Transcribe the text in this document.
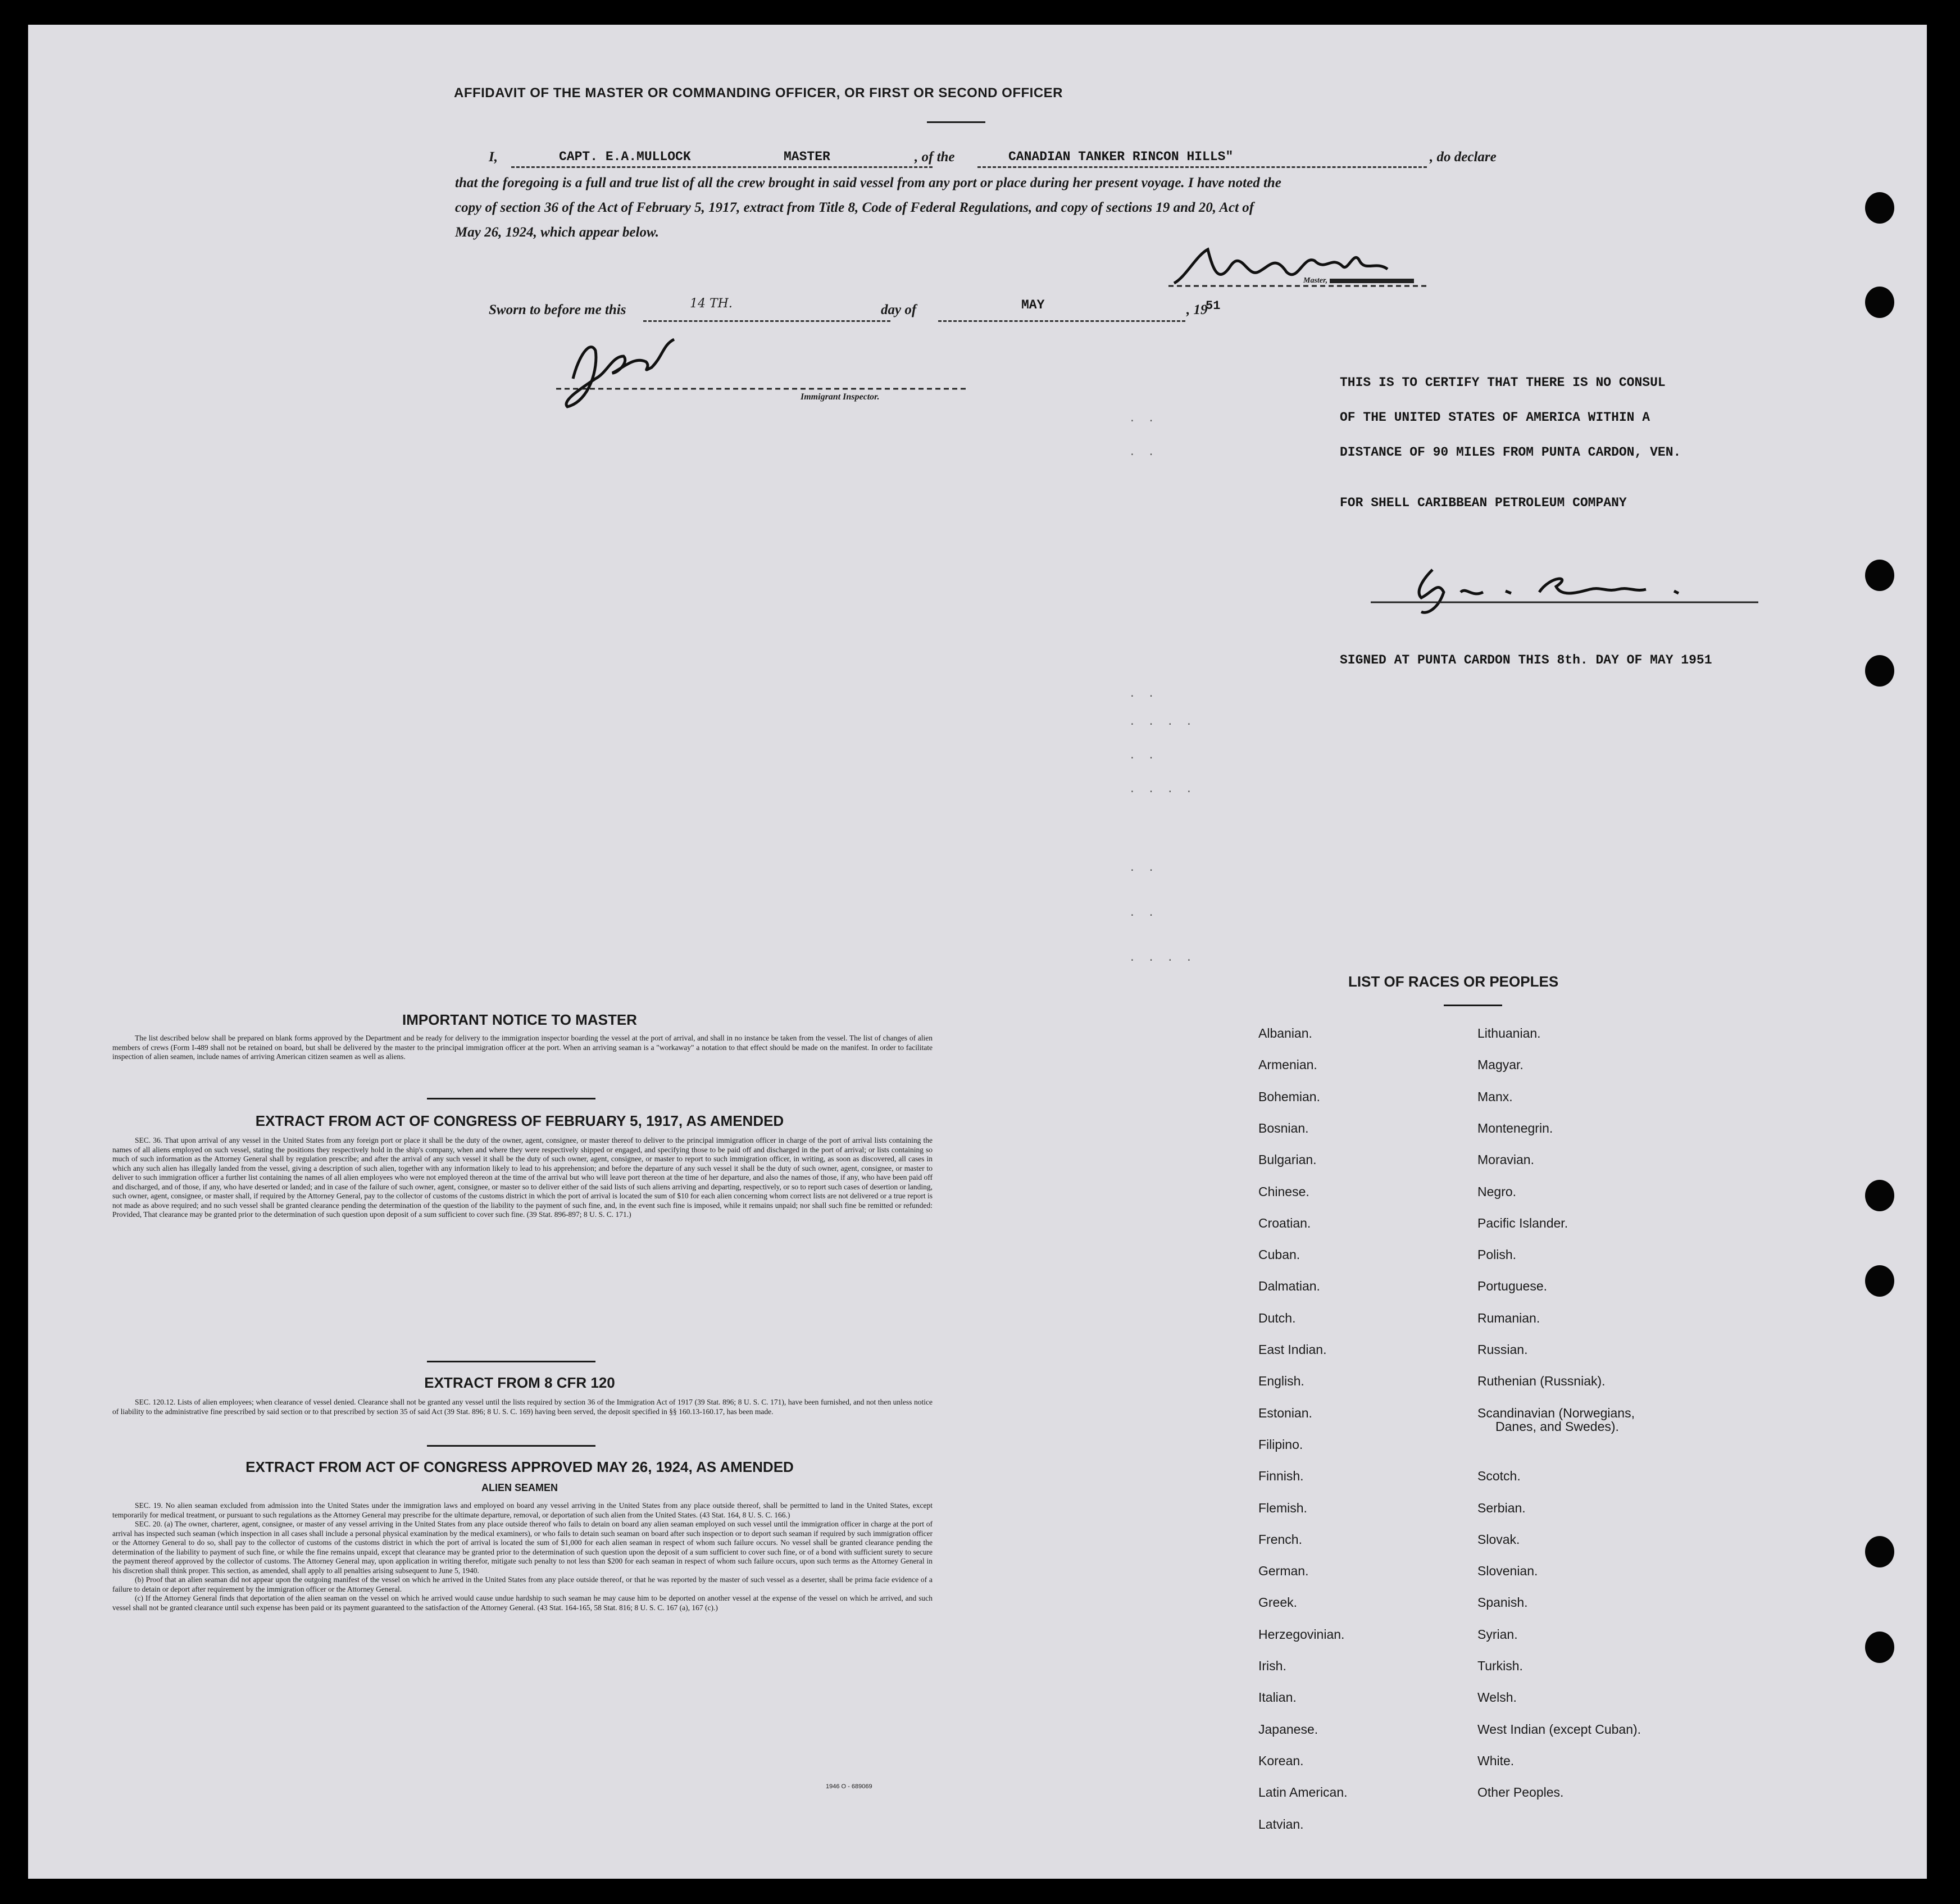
AFFIDAVIT OF THE MASTER OR COMMANDING OFFICER, OR FIRST OR SECOND OFFICER
I,	CAPT. E.A.MULLOCK	MASTER	, of the	CANADIAN TANKER RINCON HILLS"	, do declare
that the foregoing is a full and true list of all the crew brought in said vessel from any port or place during her present voyage. I have noted the
copy of section 36 of the Act of February 5, 1917, extract from Title 8, Code of Federal Regulations, and copy of sections 19 and 20, Act of
May 26, 1924, which appear below.
Master,
Sworn to before me this	14 TH.	day of	MAY	, 19
51
Immigrant Inspector.
THIS IS TO CERTIFY THAT THERE IS NO CONSUL
OF THE UNITED STATES OF AMERICA WITHIN A
DISTANCE OF 90 MILES FROM PUNTA CARDON, VEN.
FOR SHELL CARIBBEAN PETROLEUM COMPANY
SIGNED AT PUNTA CARDON THIS 8th. DAY OF MAY 1951
. .
. .
. .
. . . .
. .
. . . .
. .
. .
. . . .
IMPORTANT NOTICE TO MASTER

The list described below shall be prepared on blank forms approved by the Department and be ready for delivery to the immigration inspector boarding the vessel at the port of arrival, and shall in no instance be taken from the vessel. The list of changes of alien members of crews (Form I-489 shall not be retained on board, but shall be delivered by the master to the principal immigration officer at the port. When an arriving seaman is a "workaway" a notation to that effect should be made on the manifest. In order to facilitate inspection of alien seamen, include names of arriving American citizen seamen as well as aliens.

EXTRACT FROM ACT OF CONGRESS OF FEBRUARY 5, 1917, AS AMENDED

SEC. 36. That upon arrival of any vessel in the United States from any foreign port or place it shall be the duty of the owner, agent, consignee, or master thereof to deliver to the principal immigration officer in charge of the port of arrival lists containing the names of all aliens employed on such vessel, stating the positions they respectively hold in the ship's company, when and where they were respectively shipped or engaged, and specifying those to be paid off and discharged in the port of arrival; or lists containing so much of such information as the Attorney General shall by regulation prescribe; and after the arrival of any such vessel it shall be the duty of such owner, agent, consignee, or master to report to such immigration officer, in writing, as soon as discovered, all cases in which any such alien has illegally landed from the vessel, giving a description of such alien, together with any information likely to lead to his apprehension; and before the departure of any such vessel it shall be the duty of such owner, agent, consignee, or master to deliver to such immigration officer a further list containing the names of all alien employees who were not employed thereon at the time of the arrival but who will leave port thereon at the time of her departure, and also the names of those, if any, who have been paid off and discharged, and of those, if any, who have deserted or landed; and in case of the failure of such owner, agent, consignee, or master so to deliver either of the said lists of such aliens arriving and departing, respectively, or so to report such cases of desertion or landing, such owner, agent, consignee, or master shall, if required by the Attorney General, pay to the collector of customs of the customs district in which the port of arrival is located the sum of $10 for each alien concerning whom correct lists are not delivered or a true report is not made as above required; and no such vessel shall be granted clearance pending the determination of the question of the liability to the payment of such fine, and, in the event such fine is imposed, while it remains unpaid; nor shall such fine be remitted or refunded: Provided, That clearance may be granted prior to the determination of such question upon deposit of a sum sufficient to cover such fine. (39 Stat. 896-897; 8 U. S. C. 171.)

EXTRACT FROM 8 CFR 120

SEC. 120.12. Lists of alien employees; when clearance of vessel denied. Clearance shall not be granted any vessel until the lists required by section 36 of the Immigration Act of 1917 (39 Stat. 896; 8 U. S. C. 171), have been furnished, and not then unless notice of liability to the administrative fine prescribed by said section or to that prescribed by section 35 of said Act (39 Stat. 896; 8 U. S. C. 169) having been served, the deposit specified in §§ 160.13-160.17, has been made.

EXTRACT FROM ACT OF CONGRESS APPROVED MAY 26, 1924, AS AMENDED
ALIEN SEAMEN

SEC. 19. No alien seaman excluded from admission into the United States under the immigration laws and employed on board any vessel arriving in the United States from any place outside thereof, shall be permitted to land in the United States, except temporarily for medical treatment, or pursuant to such regulations as the Attorney General may prescribe for the ultimate departure, removal, or deportation of such alien from the United States. (43 Stat. 164, 8 U. S. C. 166.)

SEC. 20. (a) The owner, charterer, agent, consignee, or master of any vessel arriving in the United States from any place outside thereof who fails to detain on board any alien seaman employed on such vessel until the immigration officer in charge at the port of arrival has inspected such seaman (which inspection in all cases shall include a personal physical examination by the medical examiners), or who fails to detain such seaman on board after such inspection or to deport such seaman if required by such immigration officer or the Attorney General to do so, shall pay to the collector of customs of the customs district in which the port of arrival is located the sum of $1,000 for each alien seaman in respect of whom such failure occurs. No vessel shall be granted clearance pending the determination of the liability to payment of such fine, or while the fine remains unpaid, except that clearance may be granted prior to the determination of such question upon the deposit of a sum sufficient to cover such fine, or of a bond with sufficient surety to secure the payment thereof approved by the collector of customs. The Attorney General may, upon application in writing therefor, mitigate such penalty to not less than $200 for each seaman in respect of whom such failure occurs, upon such terms as the Attorney General in his discretion shall think proper. This section, as amended, shall apply to all penalties arising subsequent to June 5, 1940.

(b) Proof that an alien seaman did not appear upon the outgoing manifest of the vessel on which he arrived in the United States from any place outside thereof, or that he was reported by the master of such vessel as a deserter, shall be prima facie evidence of a failure to detain or deport after requirement by the immigration officer or the Attorney General.

(c) If the Attorney General finds that deportation of the alien seaman on the vessel on which he arrived would cause undue hardship to such seaman he may cause him to be deported on another vessel at the expense of the vessel on which he arrived, and such vessel shall not be granted clearance until such expense has been paid or its payment guaranteed to the satisfaction of the Attorney General. (43 Stat. 164-165, 58 Stat. 816; 8 U. S. C. 167 (a), 167 (c).)

1946 O - 689069
LIST OF RACES OR PEOPLES
Albanian.
Armenian.
Bohemian.
Bosnian.
Bulgarian.
Chinese.
Croatian.
Cuban.
Dalmatian.
Dutch.
East Indian.
English.
Estonian.
Filipino.
Finnish.
Flemish.
French.
German.
Greek.
Herzegovinian.
Irish.
Italian.
Japanese.
Korean.
Latin American.
Latvian.
Lithuanian.
Magyar.
Manx.
Montenegrin.
Moravian.
Negro.
Pacific Islander.
Polish.
Portuguese.
Rumanian.
Russian.
Ruthenian (Russniak).
Scandinavian (Norwegians,
Danes, and Swedes).
Scotch.
Serbian.
Slovak.
Slovenian.
Spanish.
Syrian.
Turkish.
Welsh.
West Indian (except Cuban).
White.
Other Peoples.
